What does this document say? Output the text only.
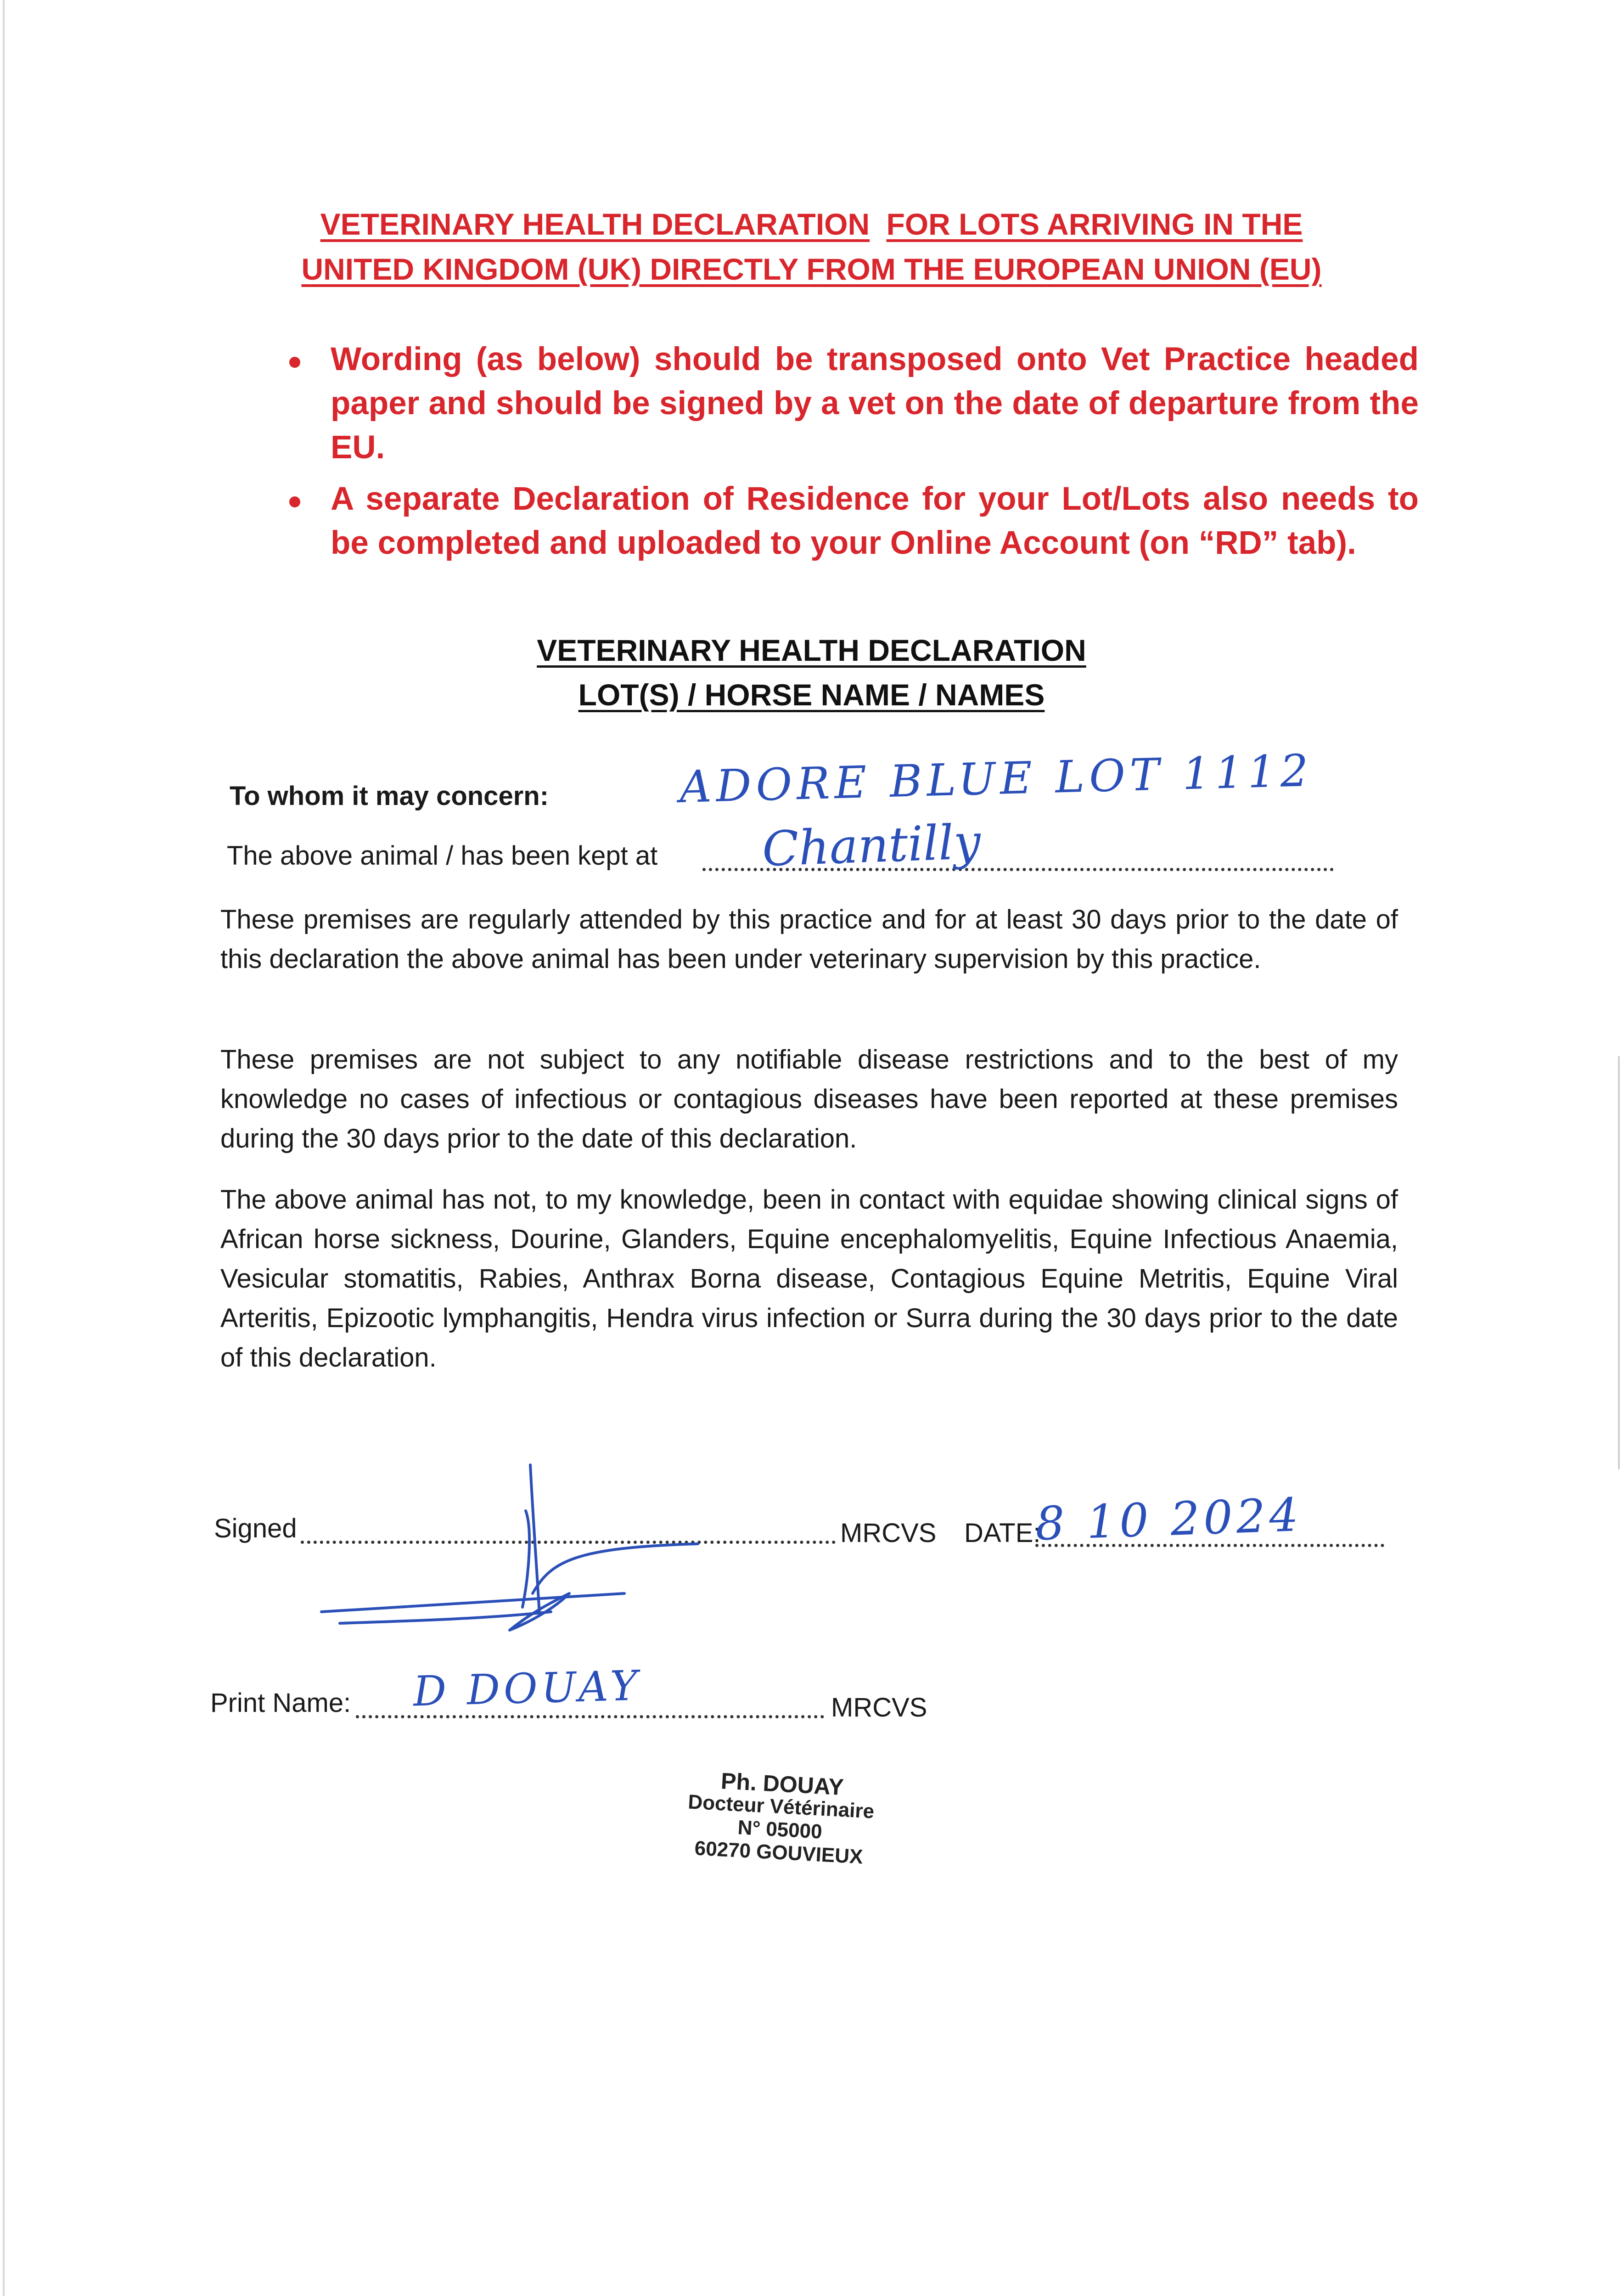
VETERINARY HEALTH DECLARATION FOR LOTS ARRIVING IN THE
UNITED KINGDOM (UK) DIRECTLY FROM THE EUROPEAN UNION (EU)
Wording (as below) should be transposed onto Vet Practice headed paper and should be signed by a vet on the date of departure from the EU.
A separate Declaration of Residence for your Lot/Lots also needs to be completed and uploaded to your Online Account (on “RD” tab).
VETERINARY HEALTH DECLARATION
LOT(S) / HORSE NAME / NAMES
To whom it may concern:	ADORE BLUE LOT 1112
The above animal / has been kept at Chantilly

These premises are regularly attended by this practice and for at least 30 days prior to the date of this declaration the above animal has been under veterinary supervision by this practice.

These premises are not subject to any notifiable disease restrictions and to the best of my knowledge no cases of infectious or contagious diseases have been reported at these premises during the 30 days prior to the date of this declaration.

The above animal has not, to my knowledge, been in contact with equidae showing clinical signs of African horse sickness, Dourine, Glanders, Equine encephalomyelitis, Equine Infectious Anaemia, Vesicular stomatitis, Rabies, Anthrax Borna disease, Contagious Equine Metritis, Equine Viral Arteritis, Epizootic lymphangitis, Hendra virus infection or Surra during the 30 days prior to the date of this declaration.

Signed	MRCVS DATE:
8 10 2024
Print Name:	MRCVS
D DOUAY
Ph. DOUAY
Docteur Vétérinaire
N° 05000
60270 GOUVIEUX
